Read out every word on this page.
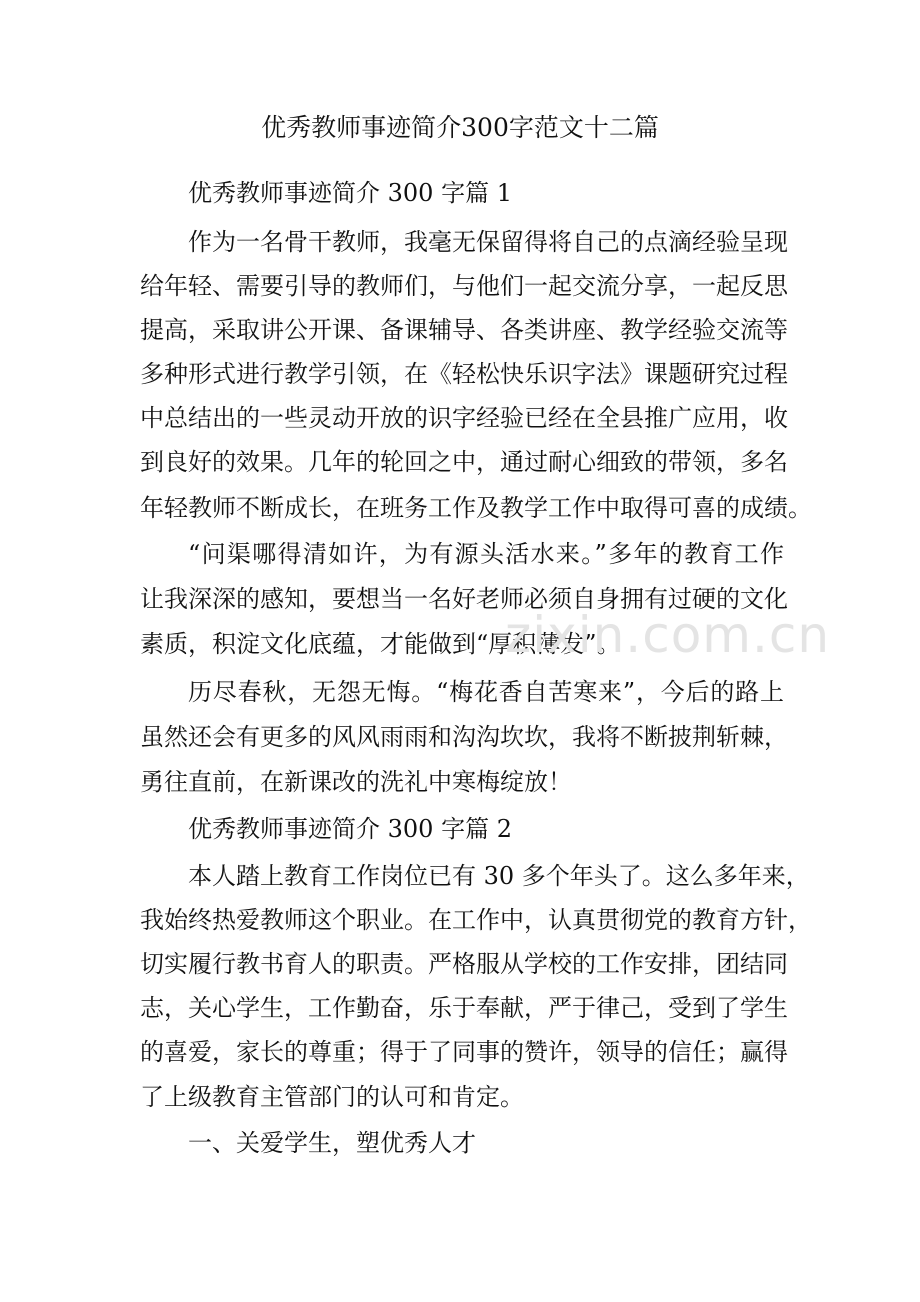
优秀教师事迹简介300字范文十二篇
优秀教师事迹简介 300 字篇 1
作为一名骨干教师，我毫无保留得将自己的点滴经验呈现
给年轻、需要引导的教师们，与他们一起交流分享，一起反思
提高，采取讲公开课、备课辅导、各类讲座、教学经验交流等
多种形式进行教学引领，在《轻松快乐识字法》课题研究过程
中总结出的一些灵动开放的识字经验已经在全县推广应用，收
到良好的效果。几年的轮回之中，通过耐心细致的带领，多名
年轻教师不断成长，在班务工作及教学工作中取得可喜的成绩。
“问渠哪得清如许，为有源头活水来。”多年的教育工作
让我深深的感知，要想当一名好老师必须自身拥有过硬的文化
素质，积淀文化底蕴，才能做到“厚积薄发”。
zixin.com.cn
历尽春秋，无怨无悔。“梅花香自苦寒来”，今后的路上
虽然还会有更多的风风雨雨和沟沟坎坎，我将不断披荆斩棘，
勇往直前，在新课改的洗礼中寒梅绽放！
优秀教师事迹简介 300 字篇 2
本人踏上教育工作岗位已有 30 多个年头了。这么多年来，
我始终热爱教师这个职业。在工作中，认真贯彻党的教育方针，
切实履行教书育人的职责。严格服从学校的工作安排，团结同
志，关心学生，工作勤奋，乐于奉献，严于律己，受到了学生
的喜爱，家长的尊重；得于了同事的赞许，领导的信任；赢得
了上级教育主管部门的认可和肯定。
一、关爱学生，塑优秀人才
